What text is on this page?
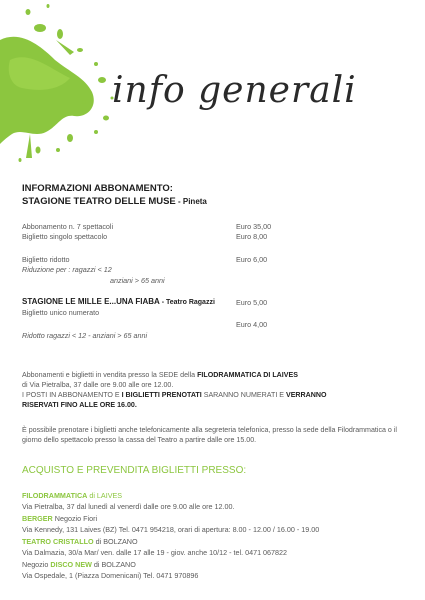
info generali
INFORMAZIONI ABBONAMENTO:
STAGIONE TEATRO DELLE MUSE - Pineta
Abbonamento n. 7 spettacoli	Euro 35,00
Biglietto singolo spettacolo	Euro 8,00
Biglietto ridotto	Euro 6,00
Riduzione per : ragazzi < 12
anziani > 65 anni
STAGIONE LE MILLE E...UNA FIABA - Teatro Ragazzi	Euro 5,00
Biglietto unico numerato
Euro 4,00
Ridotto ragazzi < 12 - anziani > 65 anni
Abbonamenti e biglietti in vendita presso la SEDE della FILODRAMMATICA DI LAIVES
di Via Pietralba, 37 dalle ore 9.00 alle ore 12.00.
I POSTI IN ABBONAMENTO E I BIGLIETTI PRENOTATI SARANNO NUMERATI E VERRANNO
RISERVATI FINO ALLE ORE 16.00.
È possibile prenotare i biglietti anche telefonicamente alla segreteria telefonica, presso la sede della Filodrammatica o il giorno dello spettacolo presso la cassa del Teatro a partire dalle ore 15.00.
ACQUISTO E PREVENDITA BIGLIETTI PRESSO:
FILODRAMMATICA di LAIVES
Via Pietralba, 37 dal lunedì al venerdì dalle ore 9.00 alle ore 12.00.
BERGER Negozio Fiori
Via Kennedy, 131 Laives (BZ) Tel. 0471 954218, orari di apertura: 8.00 - 12.00 / 16.00 - 19.00
TEATRO CRISTALLO di BOLZANO
Via Dalmazia, 30/a Mar/ ven. dalle 17 alle 19 - giov. anche 10/12 - tel. 0471 067822
Negozio DISCO NEW di BOLZANO
Via Ospedale, 1 (Piazza Domenicani) Tel. 0471 970896
